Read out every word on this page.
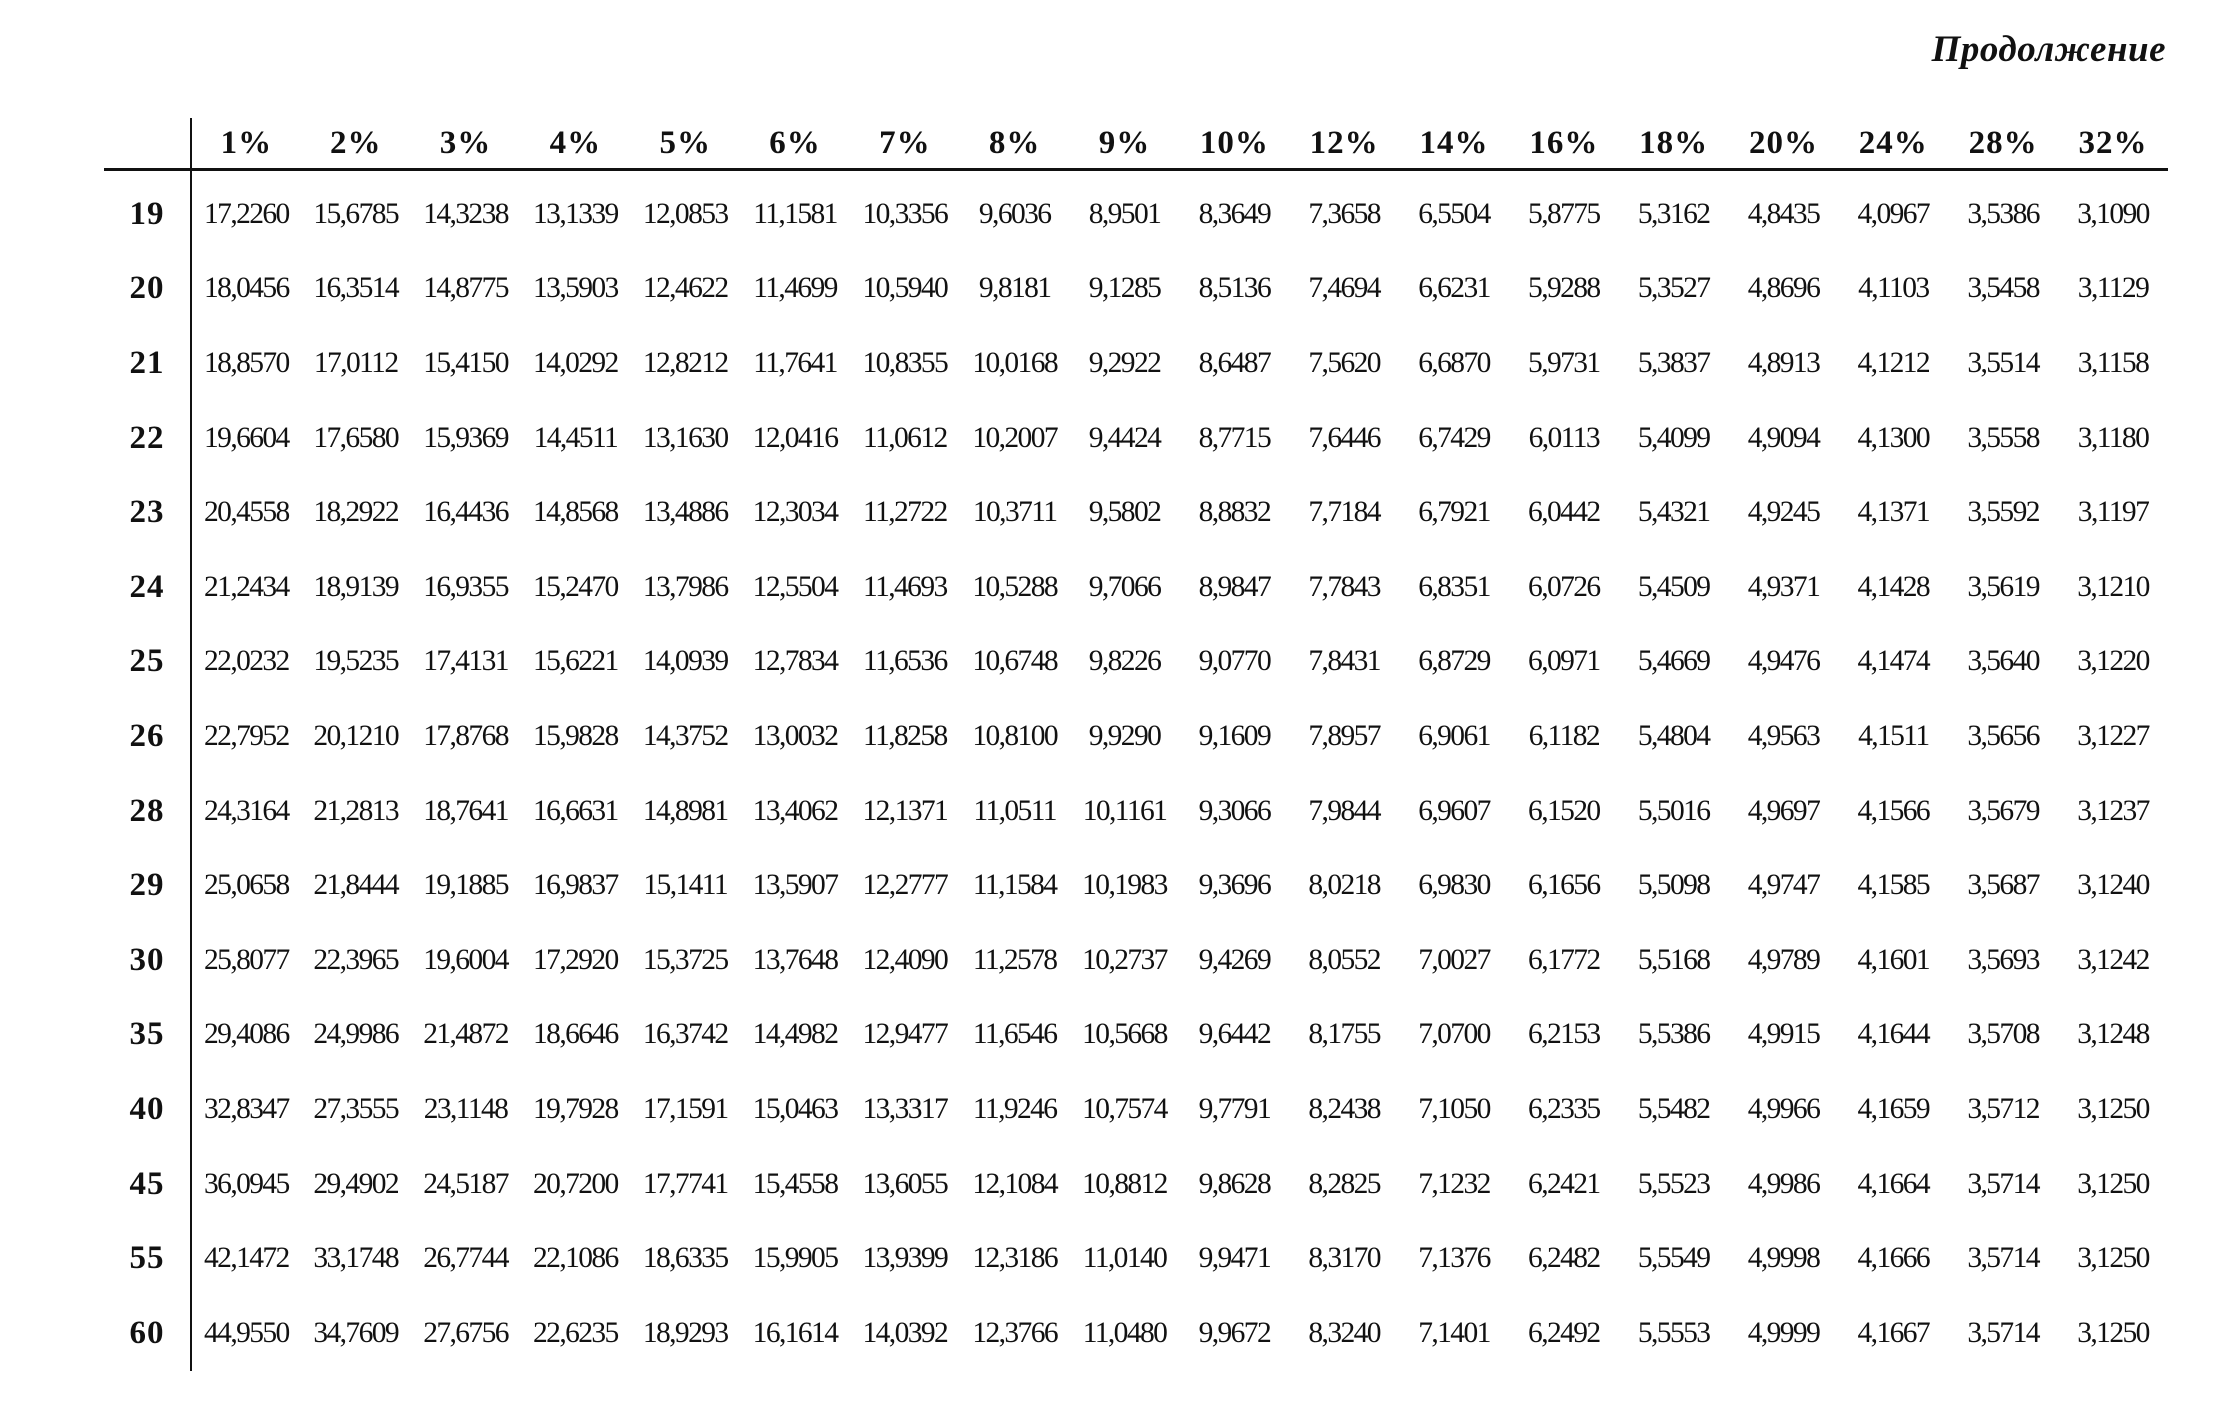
Продолжение
	1%	2%	3%	4%	5%	6%	7%	8%	9%	10%	12%	14%	16%	18%	20%	24%	28%	32%
19	17,2260	15,6785	14,3238	13,1339	12,0853	11,1581	10,3356	9,6036	8,9501	8,3649	7,3658	6,5504	5,8775	5,3162	4,8435	4,0967	3,5386	3,1090
20	18,0456	16,3514	14,8775	13,5903	12,4622	11,4699	10,5940	9,8181	9,1285	8,5136	7,4694	6,6231	5,9288	5,3527	4,8696	4,1103	3,5458	3,1129
21	18,8570	17,0112	15,4150	14,0292	12,8212	11,7641	10,8355	10,0168	9,2922	8,6487	7,5620	6,6870	5,9731	5,3837	4,8913	4,1212	3,5514	3,1158
22	19,6604	17,6580	15,9369	14,4511	13,1630	12,0416	11,0612	10,2007	9,4424	8,7715	7,6446	6,7429	6,0113	5,4099	4,9094	4,1300	3,5558	3,1180
23	20,4558	18,2922	16,4436	14,8568	13,4886	12,3034	11,2722	10,3711	9,5802	8,8832	7,7184	6,7921	6,0442	5,4321	4,9245	4,1371	3,5592	3,1197
24	21,2434	18,9139	16,9355	15,2470	13,7986	12,5504	11,4693	10,5288	9,7066	8,9847	7,7843	6,8351	6,0726	5,4509	4,9371	4,1428	3,5619	3,1210
25	22,0232	19,5235	17,4131	15,6221	14,0939	12,7834	11,6536	10,6748	9,8226	9,0770	7,8431	6,8729	6,0971	5,4669	4,9476	4,1474	3,5640	3,1220
26	22,7952	20,1210	17,8768	15,9828	14,3752	13,0032	11,8258	10,8100	9,9290	9,1609	7,8957	6,9061	6,1182	5,4804	4,9563	4,1511	3,5656	3,1227
28	24,3164	21,2813	18,7641	16,6631	14,8981	13,4062	12,1371	11,0511	10,1161	9,3066	7,9844	6,9607	6,1520	5,5016	4,9697	4,1566	3,5679	3,1237
29	25,0658	21,8444	19,1885	16,9837	15,1411	13,5907	12,2777	11,1584	10,1983	9,3696	8,0218	6,9830	6,1656	5,5098	4,9747	4,1585	3,5687	3,1240
30	25,8077	22,3965	19,6004	17,2920	15,3725	13,7648	12,4090	11,2578	10,2737	9,4269	8,0552	7,0027	6,1772	5,5168	4,9789	4,1601	3,5693	3,1242
35	29,4086	24,9986	21,4872	18,6646	16,3742	14,4982	12,9477	11,6546	10,5668	9,6442	8,1755	7,0700	6,2153	5,5386	4,9915	4,1644	3,5708	3,1248
40	32,8347	27,3555	23,1148	19,7928	17,1591	15,0463	13,3317	11,9246	10,7574	9,7791	8,2438	7,1050	6,2335	5,5482	4,9966	4,1659	3,5712	3,1250
45	36,0945	29,4902	24,5187	20,7200	17,7741	15,4558	13,6055	12,1084	10,8812	9,8628	8,2825	7,1232	6,2421	5,5523	4,9986	4,1664	3,5714	3,1250
55	42,1472	33,1748	26,7744	22,1086	18,6335	15,9905	13,9399	12,3186	11,0140	9,9471	8,3170	7,1376	6,2482	5,5549	4,9998	4,1666	3,5714	3,1250
60	44,9550	34,7609	27,6756	22,6235	18,9293	16,1614	14,0392	12,3766	11,0480	9,9672	8,3240	7,1401	6,2492	5,5553	4,9999	4,1667	3,5714	3,1250
